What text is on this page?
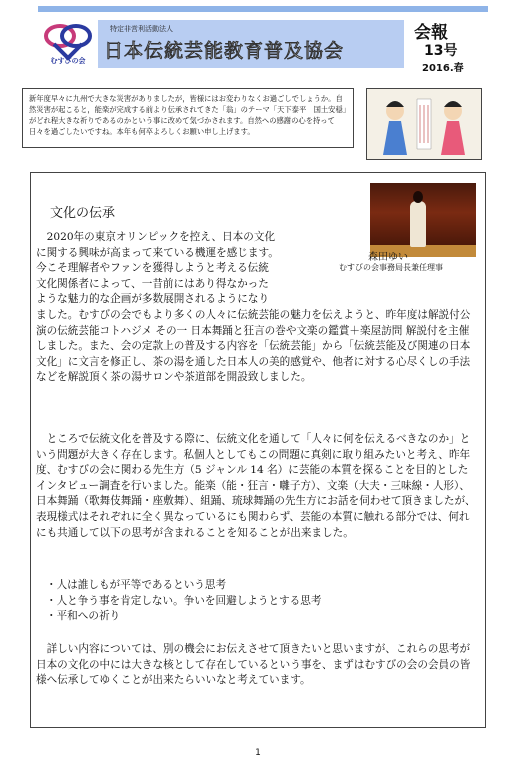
むすびの会
特定非営利活動法人
日本伝統芸能教育普及協会
会報
13号
2016.春

新年度早々に九州で大きな災害がありましたが，皆様にはお変わりなくお過ごしでしょうか。自然災害が起こると，能楽が完成する前より伝承されてきた「翁」のテーマ「天下泰平　国土安穏」がどれ程大きな祈りであるのかという事に改めて気づかされます。自然への感謝の心を持って日々を過ごしたいですね。本年も何卒よろしくお願い申し上げます。

森田ゆい
むすびの会事務局長兼任理事
文化の伝承
　2020年の東京オリンピックを控え、日本の文化
に関する興味が高まって来ている機運を感じます。
今こそ理解者やファンを獲得しようと考える伝統
文化関係者によって、一昔前にはあり得なかった
ような魅力的な企画が多数展開されるようになり

ました。むすびの会でもより多くの人々に伝統芸能の魅力を伝えようと、昨年度は解説付公演の伝統芸能コトハジメ その一 日本舞踊と狂言の巻や文楽の鑑賞＋楽屋訪問 解説付を主催しました。また、会の定款上の普及する内容を「伝統芸能」から「伝統芸能及び関連の日本文化」に文言を修正し、茶の湯を通した日本人の美的感覚や、他者に対する心尽くしの手法などを解説頂く茶の湯サロンや茶道部を開設致しました。

　ところで伝統文化を普及する際に、伝統文化を通して「人々に何を伝えるべきなのか」という問題が大きく存在します。私個人としてもこの問題に真剣に取り組みたいと考え、昨年度、むすびの会に関わる先生方（5 ジャンル 14 名）に芸能の本質を探ることを目的としたインタビュー調査を行いました。能楽（能・狂言・囃子方）、文楽（大夫・三味線・人形）、日本舞踊（歌舞伎舞踊・座敷舞）、組踊、琉球舞踊の先生方にお話を伺わせて頂きましたが、表現様式はそれぞれに全く異なっているにも関わらず、芸能の本質に触れる部分では、何れにも共通して以下の思考が含まれることを知ることが出来ました。

・人は誰しもが平等であるという思考
・人と争う事を肯定しない。争いを回避しようとする思考
・平和への祈り

　詳しい内容については、別の機会にお伝えさせて頂きたいと思いますが、これらの思考が日本の文化の中には大きな核として存在しているという事を、まずはむすびの会の会員の皆様へ伝承してゆくことが出来たらいいなと考えています。

1
